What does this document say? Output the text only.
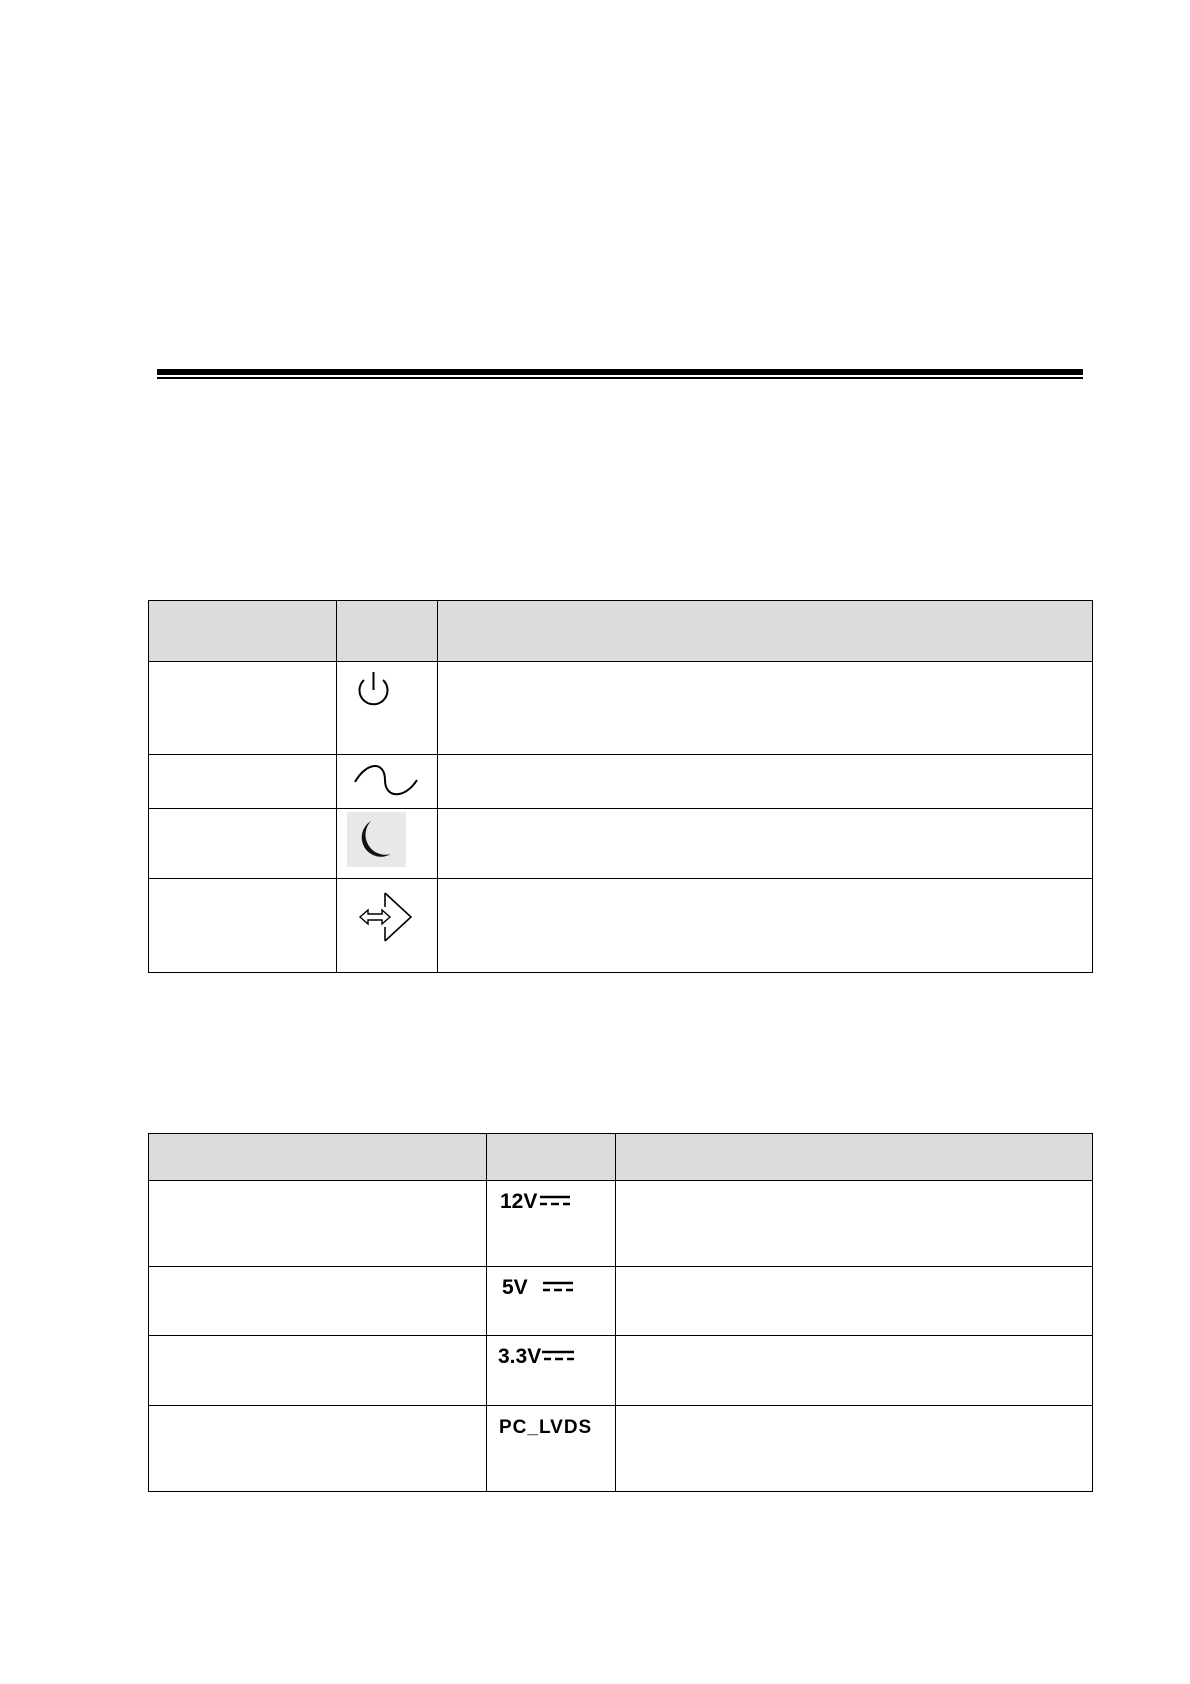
	12V	

	5V	

	3.3V	

	PC_LVDS	
